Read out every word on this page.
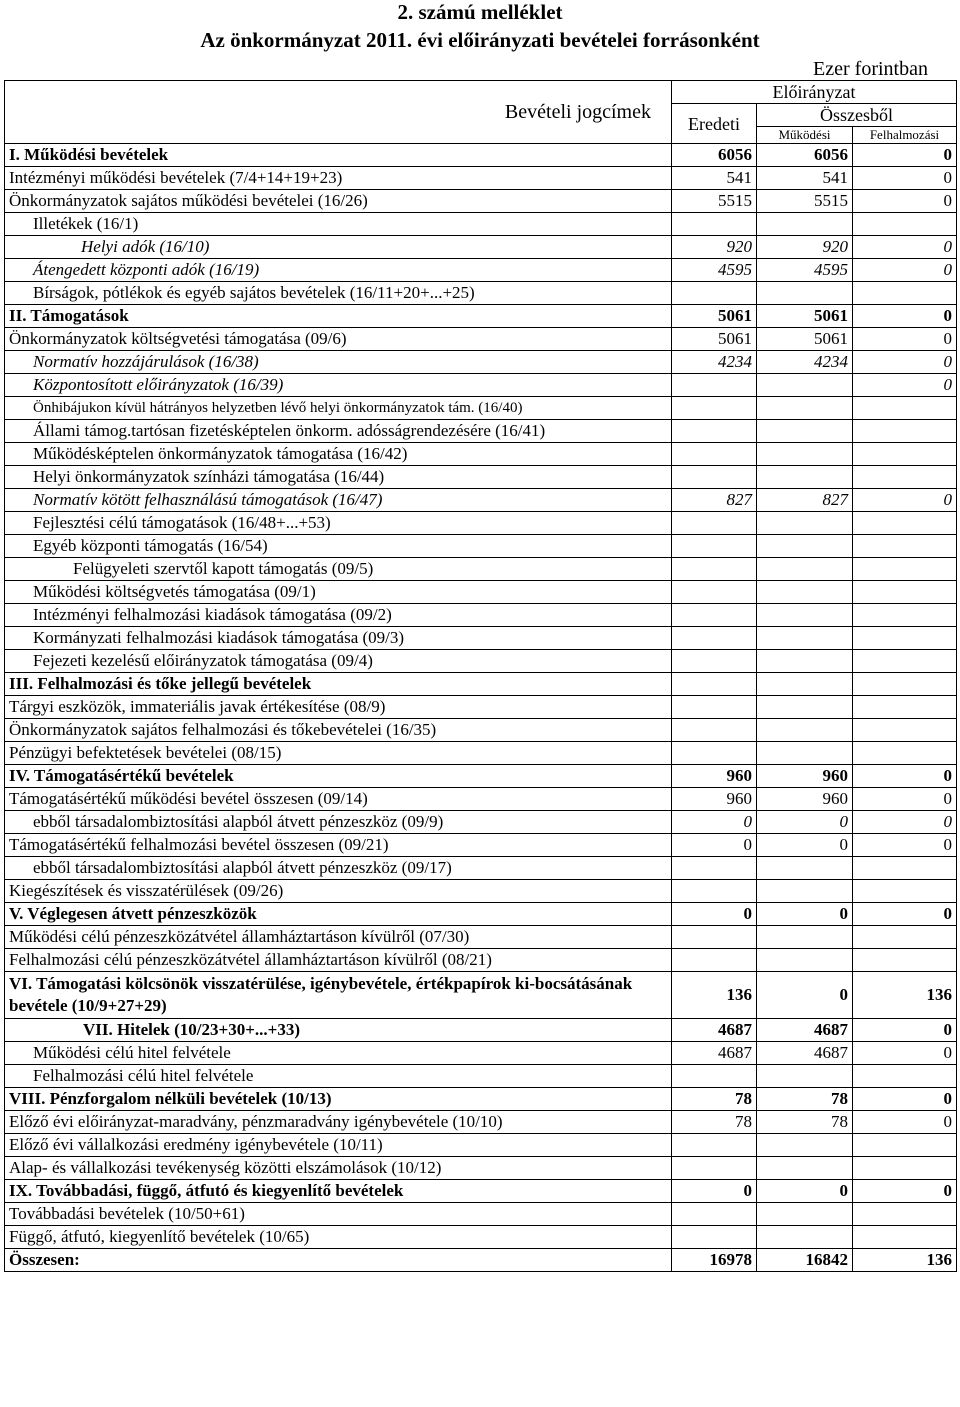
2. számú melléklet
Az önkormányzat 2011. évi előirányzati bevételei forrásonként
Ezer forintban
Bevételi jogcímek	Előirányzat		
	Eredeti	Összesből	
		Működési	Felhalmozási
I. Működési bevételek	6056	6056	0
Intézményi működési bevételek (7/4+14+19+23)	541	541	0
Önkormányzatok sajátos működési bevételei (16/26)	5515	5515	0
Illetékek (16/1)			
Helyi adók (16/10)	920	920	0
Átengedett központi adók (16/19)	4595	4595	0
Bírságok, pótlékok és egyéb sajátos bevételek (16/11+20+...+25)			
II. Támogatások	5061	5061	0
Önkormányzatok költségvetési támogatása (09/6)	5061	5061	0
Normatív hozzájárulások (16/38)	4234	4234	0
Központosított előirányzatok (16/39)			0
Önhibájukon kívül hátrányos helyzetben lévő helyi önkormányzatok tám. (16/40)			
Állami támog.tartósan fizetésképtelen önkorm. adósságrendezésére (16/41)			
Működésképtelen önkormányzatok támogatása (16/42)			
Helyi önkormányzatok színházi támogatása (16/44)			
Normatív kötött felhasználású támogatások (16/47)	827	827	0
Fejlesztési célú támogatások (16/48+...+53)			
Egyéb központi támogatás (16/54)			
Felügyeleti szervtől kapott támogatás (09/5)			
Működési költségvetés támogatása (09/1)			
Intézményi felhalmozási kiadások támogatása (09/2)			
Kormányzati felhalmozási kiadások támogatása (09/3)			
Fejezeti kezelésű előirányzatok támogatása (09/4)			
III. Felhalmozási és tőke jellegű bevételek			
Tárgyi eszközök, immateriális javak értékesítése (08/9)			
Önkormányzatok sajátos felhalmozási és tőkebevételei (16/35)			
Pénzügyi befektetések bevételei (08/15)			
IV. Támogatásértékű bevételek	960	960	0
Támogatásértékű működési bevétel összesen (09/14)	960	960	0
ebből társadalombiztosítási alapból átvett pénzeszköz (09/9)	0	0	0
Támogatásértékű felhalmozási bevétel összesen (09/21)	0	0	0
ebből társadalombiztosítási alapból átvett pénzeszköz (09/17)			
Kiegészítések és visszatérülések (09/26)			
V. Véglegesen átvett pénzeszközök	0	0	0
Működési célú pénzeszközátvétel államháztartáson kívülről (07/30)			
Felhalmozási célú pénzeszközátvétel államháztartáson kívülről (08/21)			
VI. Támogatási kölcsönök visszatérülése, igénybevétele, értékpapírok ki-bocsátásának bevétele (10/9+27+29)	136	0	136
VII. Hitelek (10/23+30+...+33)	4687	4687	0
Működési célú hitel felvétele	4687	4687	0
Felhalmozási célú hitel felvétele			
VIII. Pénzforgalom nélküli bevételek (10/13)	78	78	0
Előző évi előirányzat-maradvány, pénzmaradvány igénybevétele (10/10)	78	78	0
Előző évi vállalkozási eredmény igénybevétele (10/11)			
Alap- és vállalkozási tevékenység közötti elszámolások (10/12)			
IX. Továbbadási, függő, átfutó és kiegyenlítő bevételek	0	0	0
Továbbadási bevételek (10/50+61)			
Függő, átfutó, kiegyenlítő bevételek (10/65)			
Összesen:	16978	16842	136
